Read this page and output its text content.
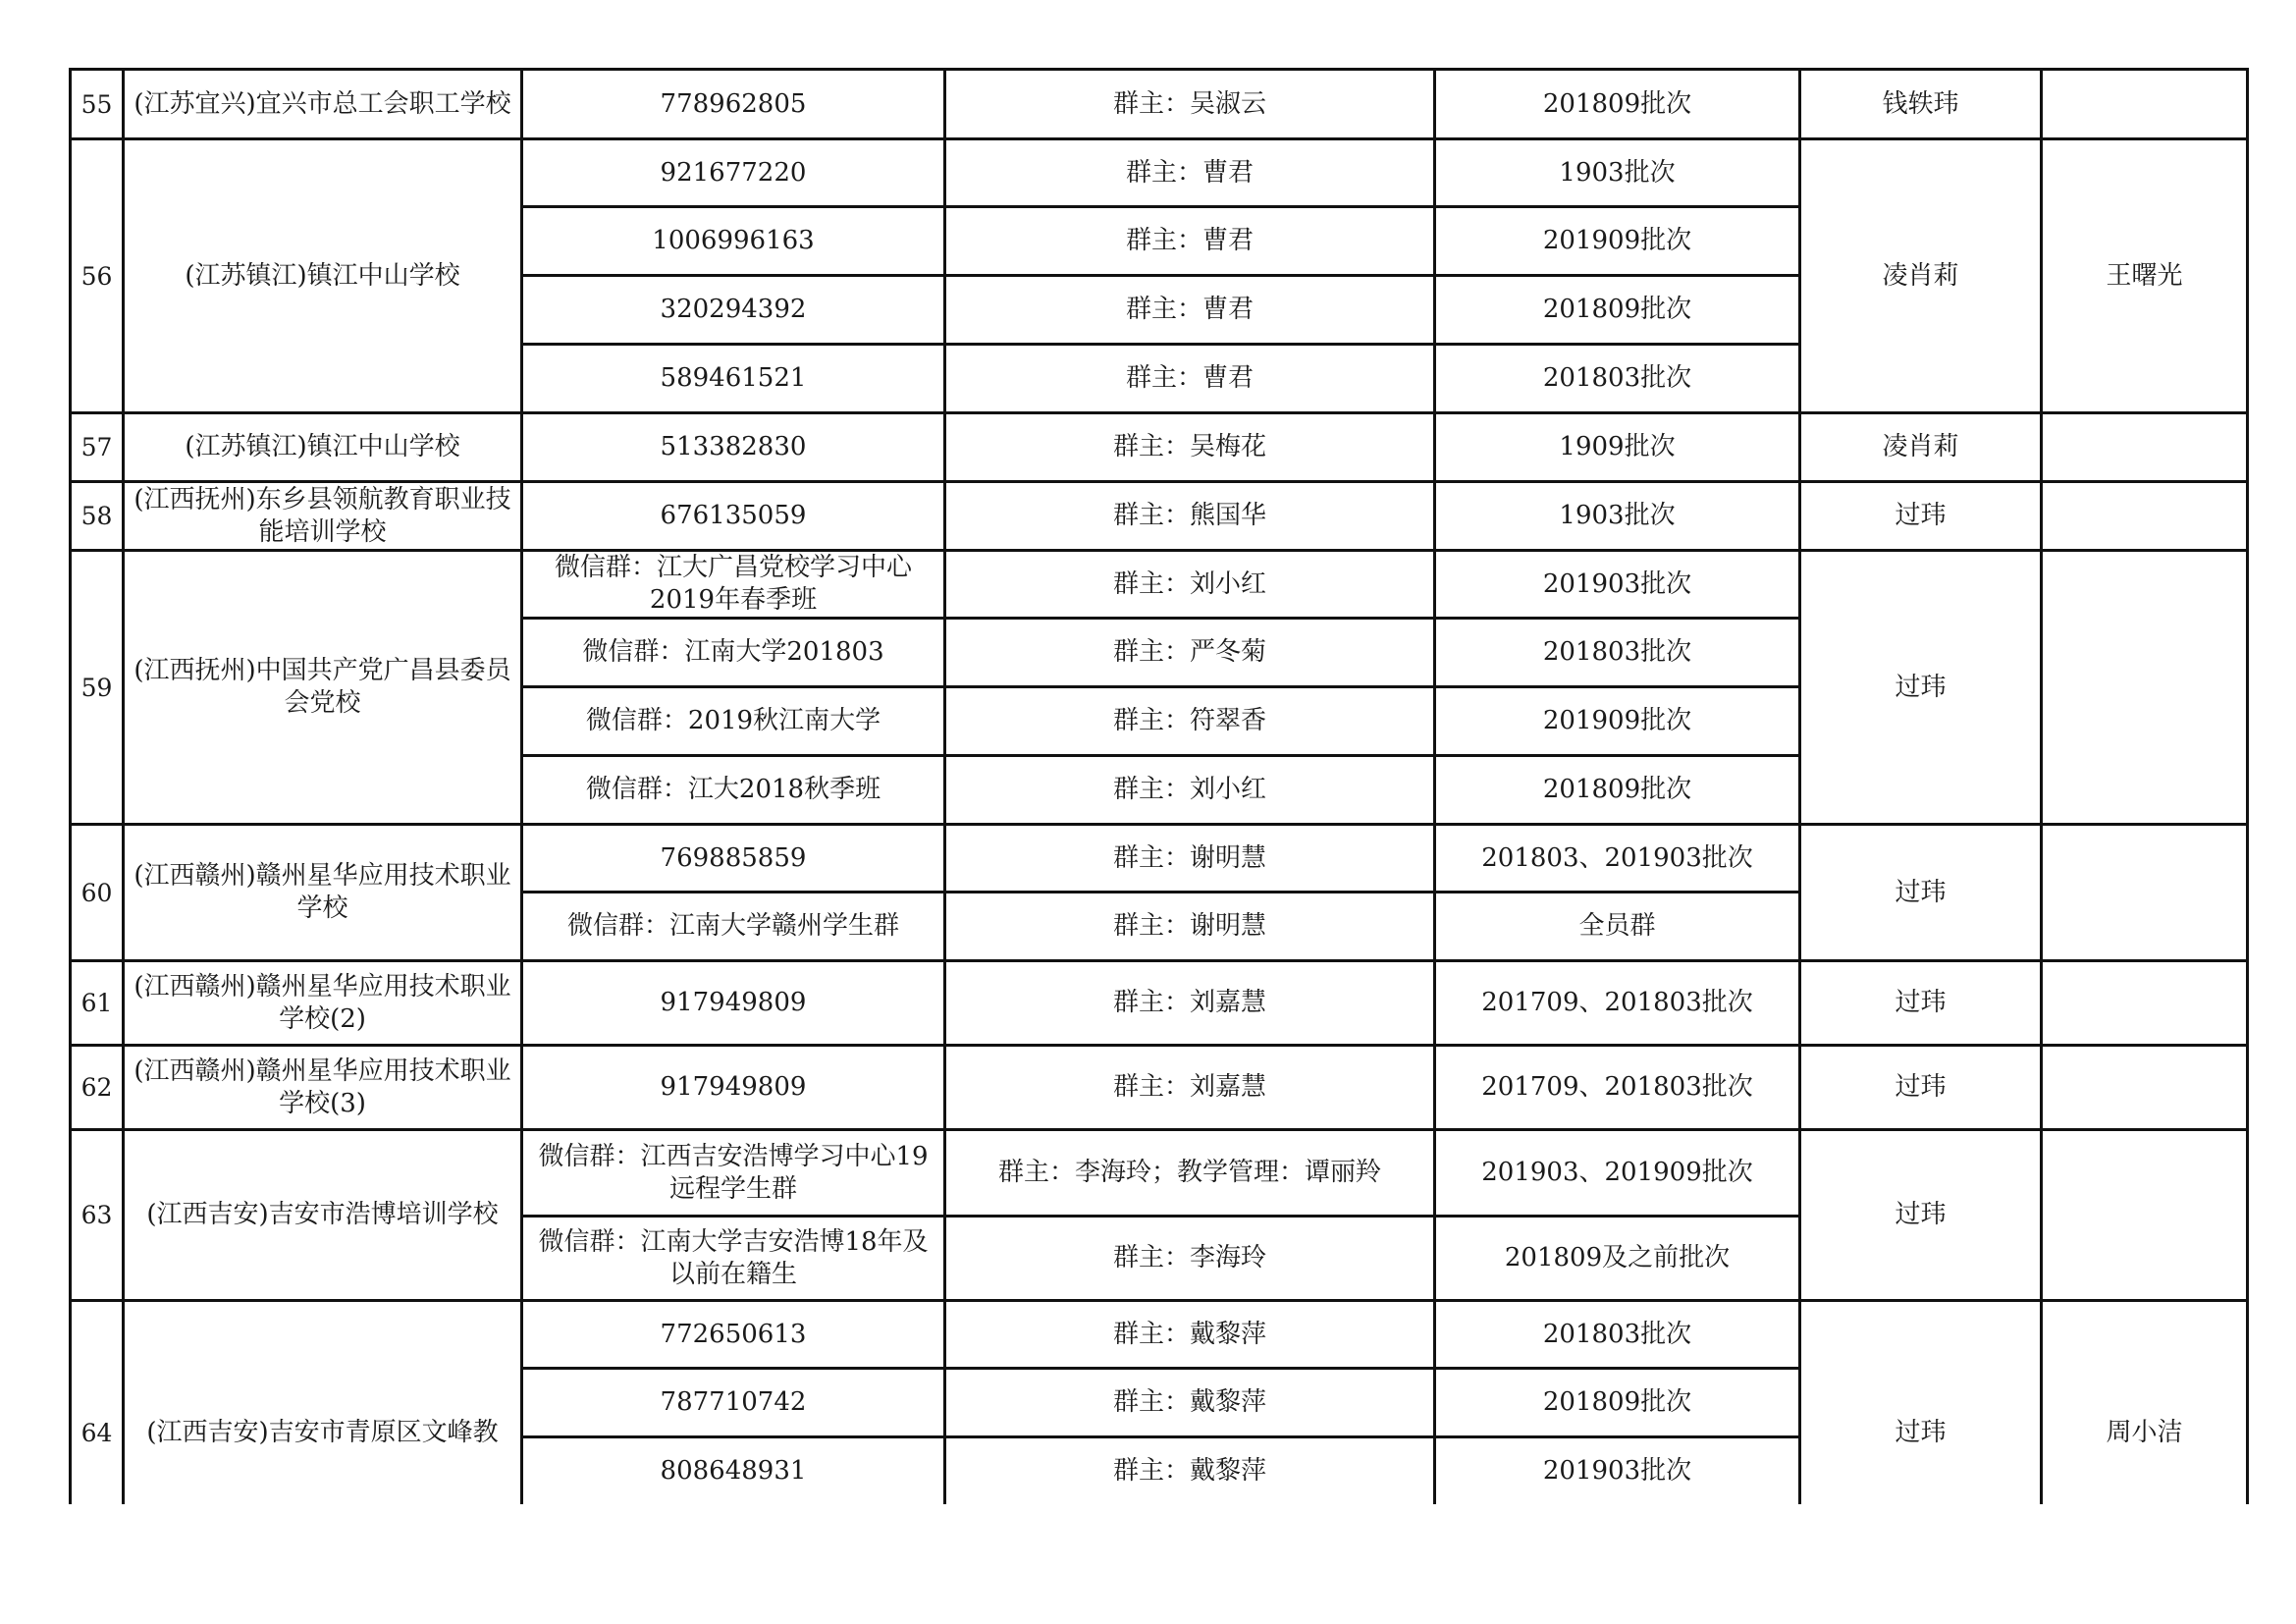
55	(江苏宜兴)宜兴市总工会职工学校	778962805	群主：吴淑云	201809批次	钱轶玮	
56	(江苏镇江)镇江中山学校	921677220	群主：曹君	1903批次	凌肖莉	王曙光
		1006996163	群主：曹君	201909批次		
		320294392	群主：曹君	201809批次		
		589461521	群主：曹君	201803批次		
57	(江苏镇江)镇江中山学校	513382830	群主：吴梅花	1909批次	凌肖莉	
58	(江西抚州)东乡县领航教育职业技能培训学校	676135059	群主：熊国华	1903批次	过玮	
59	(江西抚州)中国共产党广昌县委员会党校	微信群：江大广昌党校学习中心2019年春季班	群主：刘小红	201903批次	过玮	
		微信群：江南大学201803	群主：严冬菊	201803批次		
		微信群：2019秋江南大学	群主：符翠香	201909批次		
		微信群：江大2018秋季班	群主：刘小红	201809批次		
60	(江西赣州)赣州星华应用技术职业学校	769885859	群主：谢明慧	201803、201903批次	过玮	
		微信群：江南大学赣州学生群	群主：谢明慧	全员群		
61	(江西赣州)赣州星华应用技术职业学校(2)	917949809	群主：刘嘉慧	201709、201803批次	过玮	
62	(江西赣州)赣州星华应用技术职业学校(3)	917949809	群主：刘嘉慧	201709、201803批次	过玮	
63	(江西吉安)吉安市浩博培训学校	微信群：江西吉安浩博学习中心19远程学生群	群主：李海玲；教学管理：谭丽羚	201903、201909批次	过玮	
		微信群：江南大学吉安浩博18年及以前在籍生	群主：李海玲	201809及之前批次		
64	(江西吉安)吉安市青原区文峰教	772650613	群主：戴黎萍	201803批次	过玮	周小洁
		787710742	群主：戴黎萍	201809批次		
		808648931	群主：戴黎萍	201903批次		
